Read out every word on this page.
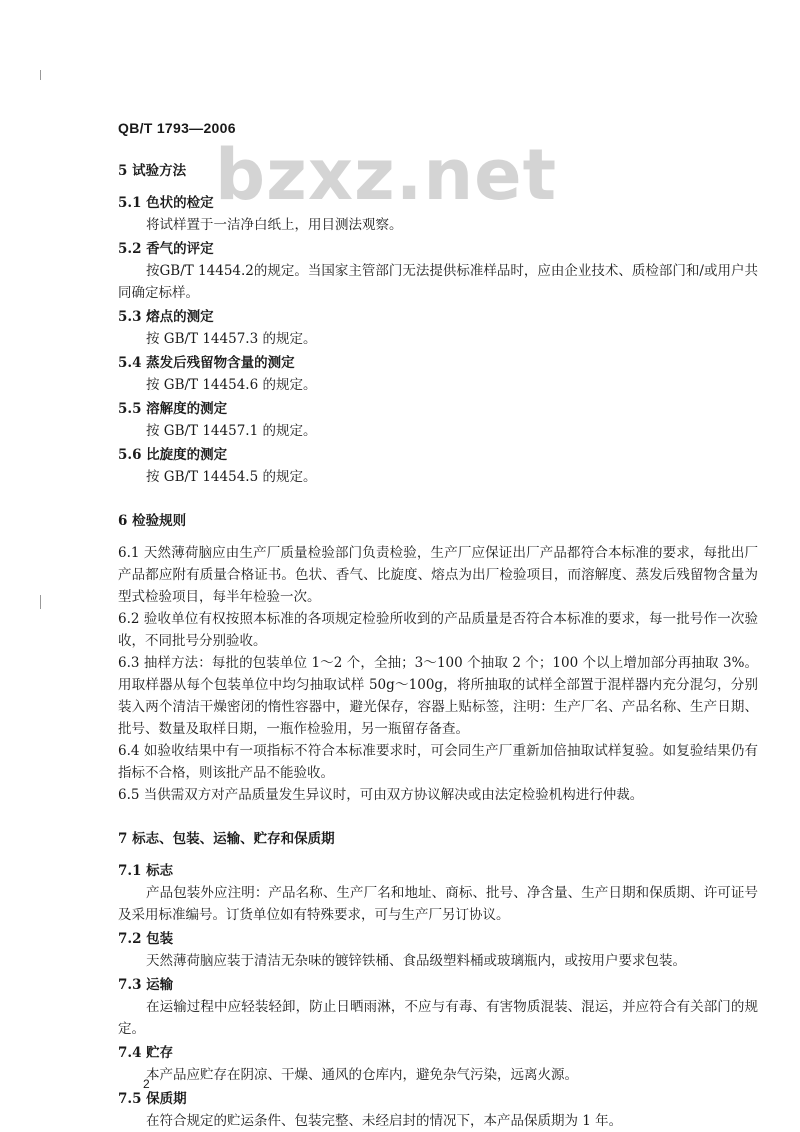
QB/T 1793—2006
bzxz.net
5 试验方法
5.1 色状的检定
将试样置于一洁净白纸上，用目测法观察。
5.2 香气的评定
按GB/T 14454.2的规定。当国家主管部门无法提供标准样品时，应由企业技术、质检部门和/或用户共同确定标样。
5.3 熔点的测定
按 GB/T 14457.3 的规定。
5.4 蒸发后残留物含量的测定
按 GB/T 14454.6 的规定。
5.5 溶解度的测定
按 GB/T 14457.1 的规定。
5.6 比旋度的测定
按 GB/T 14454.5 的规定。
6 检验规则
6.1 天然薄荷脑应由生产厂质量检验部门负责检验，生产厂应保证出厂产品都符合本标准的要求，每批出厂产品都应附有质量合格证书。色状、香气、比旋度、熔点为出厂检验项目，而溶解度、蒸发后残留物含量为型式检验项目，每半年检验一次。
6.2 验收单位有权按照本标准的各项规定检验所收到的产品质量是否符合本标准的要求，每一批号作一次验收，不同批号分别验收。
6.3 抽样方法：每批的包装单位 1～2 个，全抽；3～100 个抽取 2 个；100 个以上增加部分再抽取 3%。用取样器从每个包装单位中均匀抽取试样 50g～100g，将所抽取的试样全部置于混样器内充分混匀，分别装入两个清洁干燥密闭的惰性容器中，避光保存，容器上贴标签，注明：生产厂名、产品名称、生产日期、批号、数量及取样日期，一瓶作检验用，另一瓶留存备查。
6.4 如验收结果中有一项指标不符合本标准要求时，可会同生产厂重新加倍抽取试样复验。如复验结果仍有指标不合格，则该批产品不能验收。
6.5 当供需双方对产品质量发生异议时，可由双方协议解决或由法定检验机构进行仲裁。
7 标志、包装、运输、贮存和保质期
7.1 标志
产品包装外应注明：产品名称、生产厂名和地址、商标、批号、净含量、生产日期和保质期、许可证号及采用标准编号。订货单位如有特殊要求，可与生产厂另订协议。
7.2 包装
天然薄荷脑应装于清洁无杂味的镀锌铁桶、食品级塑料桶或玻璃瓶内，或按用户要求包装。
7.3 运输
在运输过程中应轻装轻卸，防止日晒雨淋，不应与有毒、有害物质混装、混运，并应符合有关部门的规定。
7.4 贮存
本产品应贮存在阴凉、干燥、通风的仓库内，避免杂气污染，远离火源。
7.5 保质期
在符合规定的贮运条件、包装完整、未经启封的情况下，本产品保质期为 1 年。
2
